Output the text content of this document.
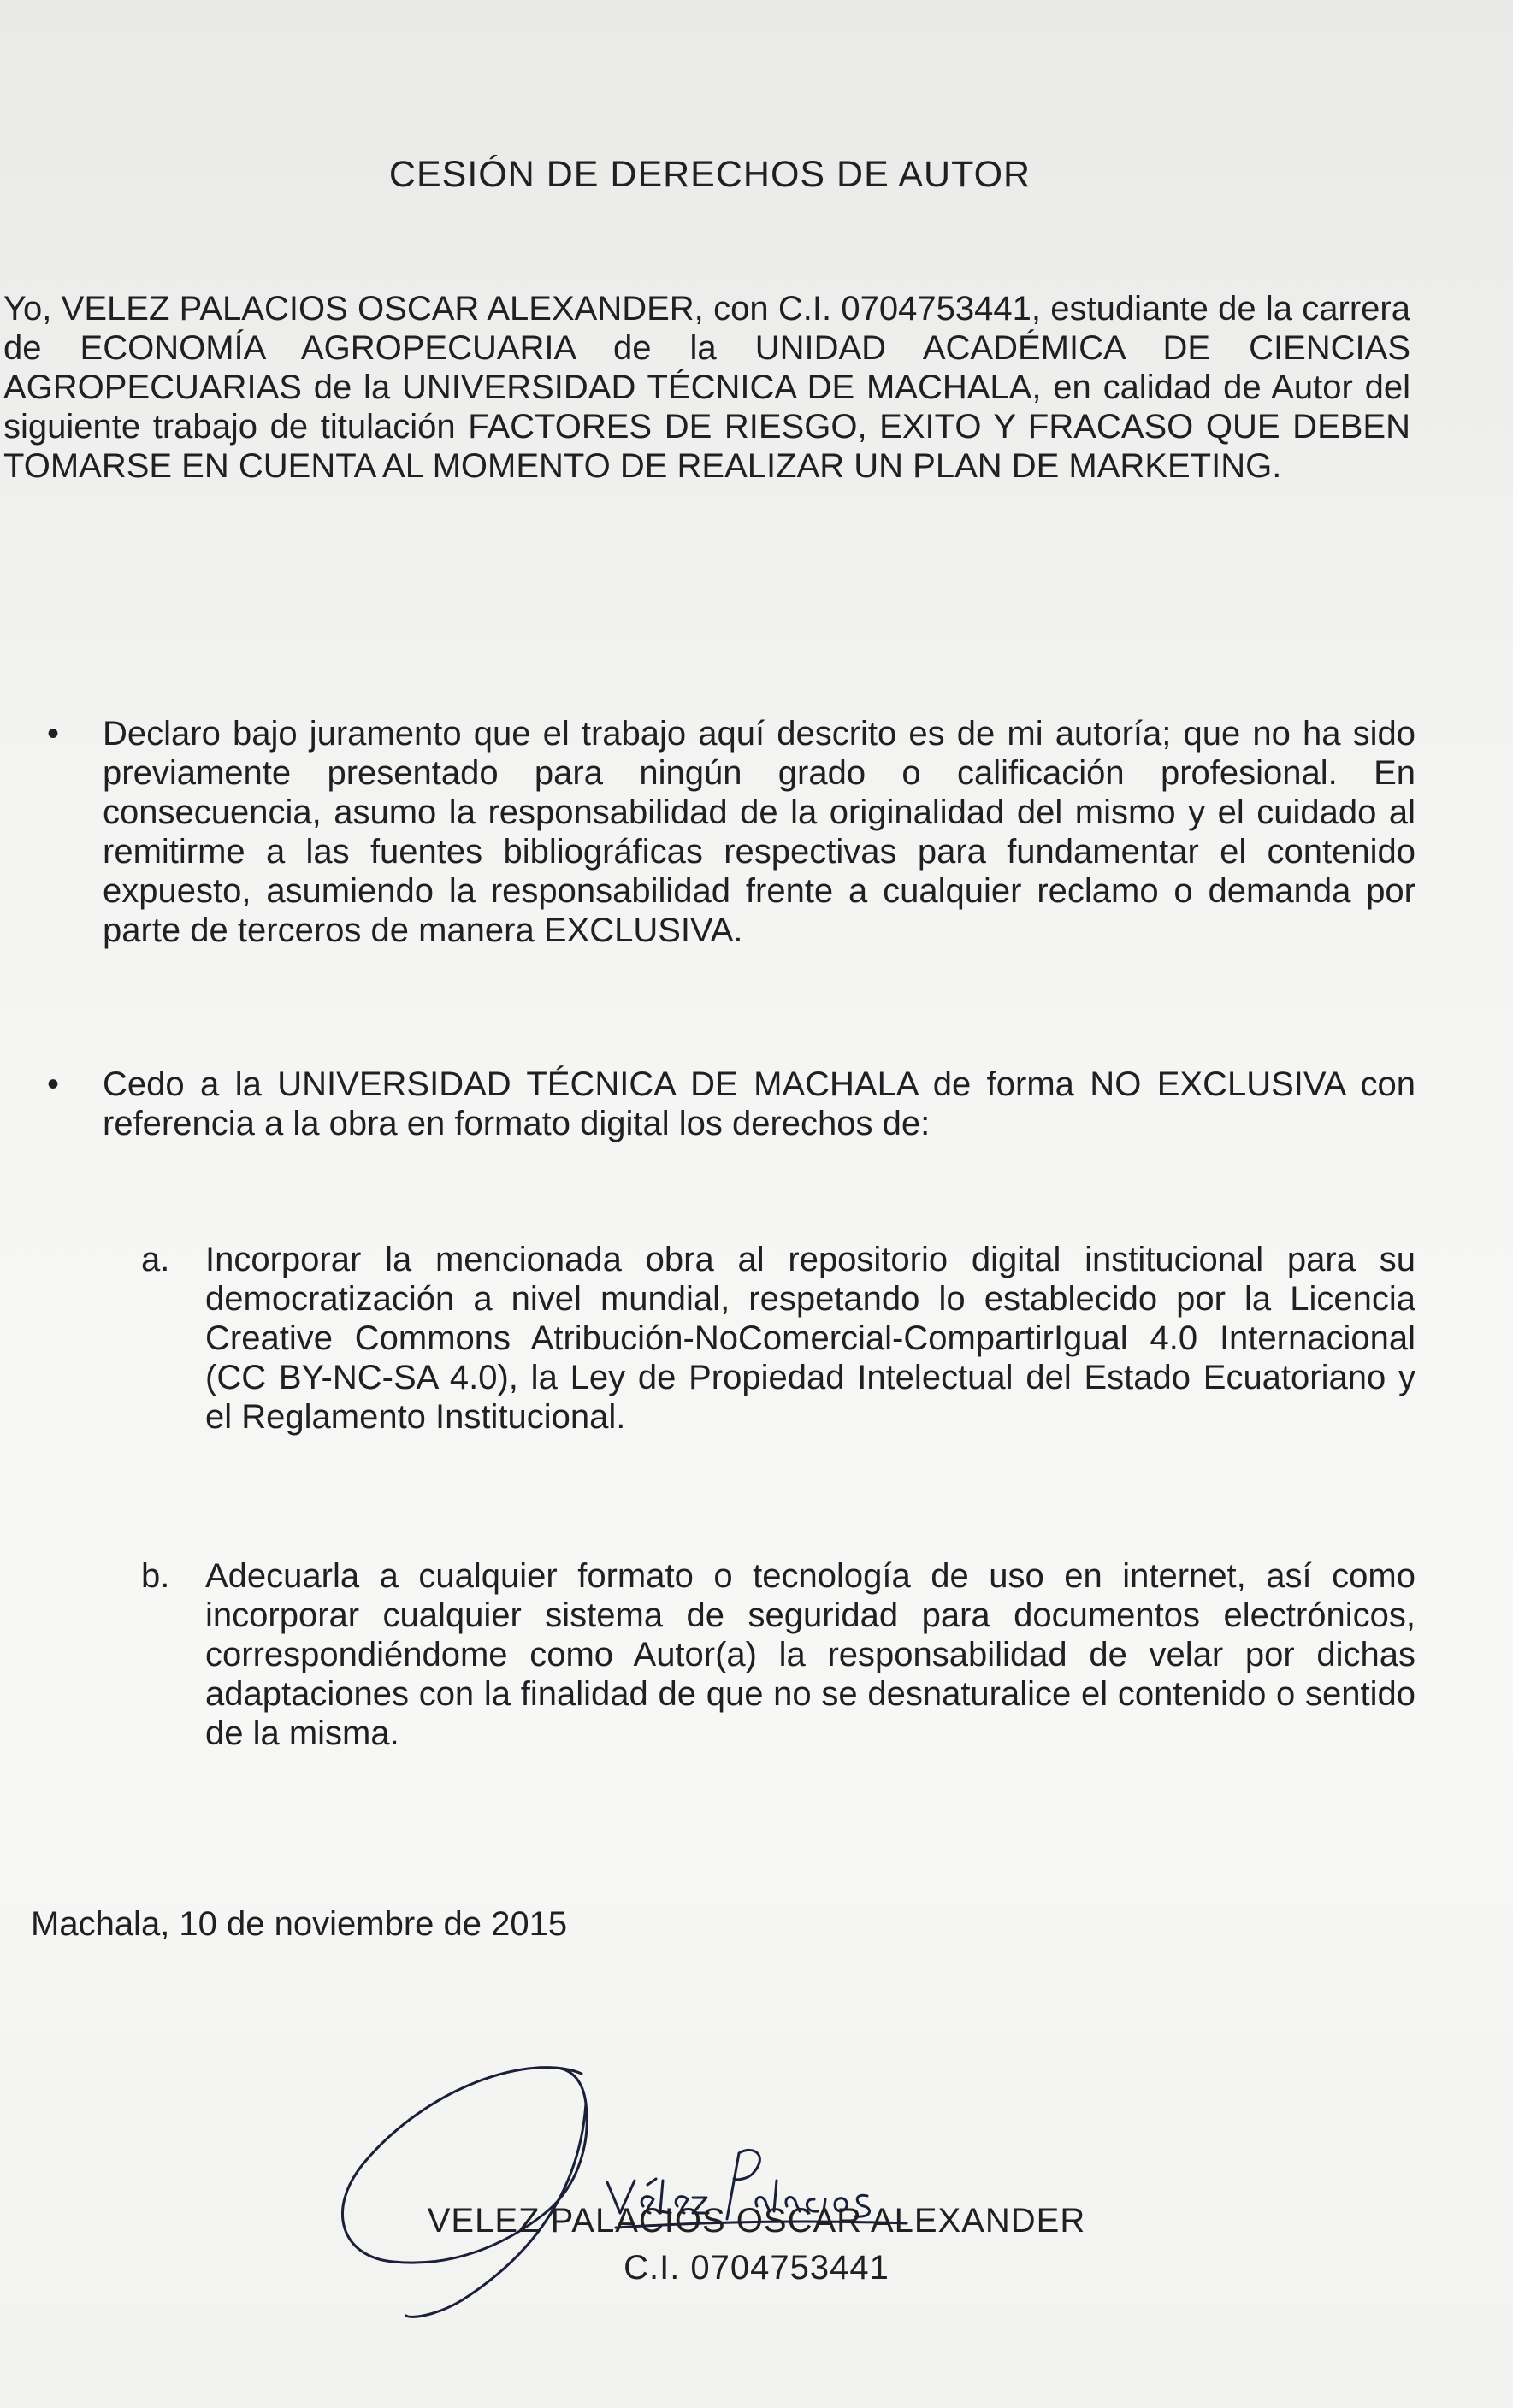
CESIÓN DE DERECHOS DE AUTOR
Yo, VELEZ PALACIOS OSCAR ALEXANDER, con C.I. 0704753441, estudiante de la carrera de ECONOMÍA AGROPECUARIA de la UNIDAD ACADÉMICA DE CIENCIAS AGROPECUARIAS de la UNIVERSIDAD TÉCNICA DE MACHALA, en calidad de Autor del siguiente trabajo de titulación FACTORES DE RIESGO, EXITO Y FRACASO QUE DEBEN TOMARSE EN CUENTA AL MOMENTO DE REALIZAR UN PLAN DE MARKETING.
•	Declaro bajo juramento que el trabajo aquí descrito es de mi autoría; que no ha sido previamente presentado para ningún grado o calificación profesional. En consecuencia, asumo la responsabilidad de la originalidad del mismo y el cuidado al remitirme a las fuentes bibliográficas respectivas para fundamentar el contenido expuesto, asumiendo la responsabilidad frente a cualquier reclamo o demanda por parte de terceros de manera EXCLUSIVA.
•	Cedo a la UNIVERSIDAD TÉCNICA DE MACHALA de forma NO EXCLUSIVA con referencia a la obra en formato digital los derechos de:
a. Incorporar la mencionada obra al repositorio digital institucional para su democratización a nivel mundial, respetando lo establecido por la Licencia Creative Commons Atribución-NoComercial-CompartirIgual 4.0 Internacional (CC BY-NC-SA 4.0), la Ley de Propiedad Intelectual del Estado Ecuatoriano y el Reglamento Institucional.
b. Adecuarla a cualquier formato o tecnología de uso en internet, así como incorporar cualquier sistema de seguridad para documentos electrónicos, correspondiéndome como Autor(a) la responsabilidad de velar por dichas adaptaciones con la finalidad de que no se desnaturalice el contenido o sentido de la misma.
Machala, 10 de noviembre de 2015
VELEZ PALACIOS OSCAR ALEXANDER
C.I. 0704753441
